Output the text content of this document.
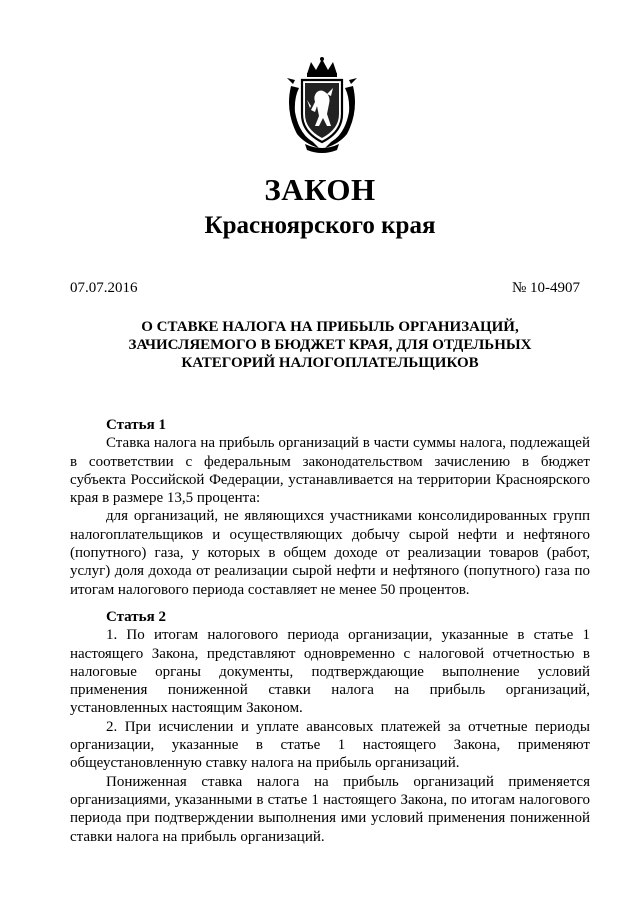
ЗАКОН
Красноярского края
07.07.2016	№ 10-4907
О СТАВКЕ НАЛОГА НА ПРИБЫЛЬ ОРГАНИЗАЦИЙ,
ЗАЧИСЛЯЕМОГО В БЮДЖЕТ КРАЯ, ДЛЯ ОТДЕЛЬНЫХ
КАТЕГОРИЙ НАЛОГОПЛАТЕЛЬЩИКОВ

Статья 1

Ставка налога на прибыль организаций в части суммы налога, подлежащей в соответствии с федеральным законодательством зачислению в бюджет субъекта Российской Федерации, устанавливается на территории Красноярского края в размере 13,5 процента:

для организаций, не являющихся участниками консолидированных групп налогоплательщиков и осуществляющих добычу сырой нефти и нефтяного (попутного) газа, у которых в общем доходе от реализации товаров (работ, услуг) доля дохода от реализации сырой нефти и нефтяного (попутного) газа по итогам налогового периода составляет не менее 50 процентов.

Статья 2

1. По итогам налогового периода организации, указанные в статье 1 настоящего Закона, представляют одновременно с налоговой отчетностью в налоговые органы документы, подтверждающие выполнение условий применения пониженной ставки налога на прибыль организаций, установленных настоящим Законом.

2. При исчислении и уплате авансовых платежей за отчетные периоды организации, указанные в статье 1 настоящего Закона, применяют общеустановленную ставку налога на прибыль организаций.

Пониженная ставка налога на прибыль организаций применяется организациями, указанными в статье 1 настоящего Закона, по итогам налогового периода при подтверждении выполнения ими условий применения пониженной ставки налога на прибыль организаций.
